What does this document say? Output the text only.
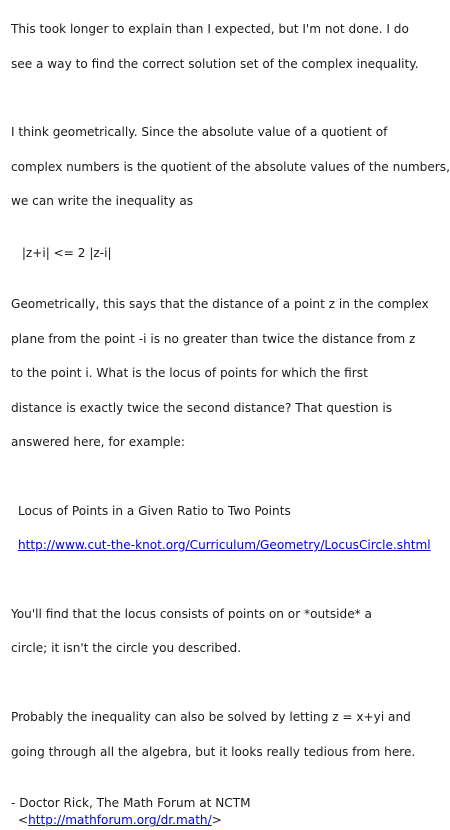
This took longer to explain than I expected, but I'm not done. I do

see a way to find the correct solution set of the complex inequality.

I think geometrically. Since the absolute value of a quotient of

complex numbers is the quotient of the absolute values of the numbers,

we can write the inequality as

|z+i| <= 2 |z-i|

Geometrically, this says that the distance of a point z in the complex

plane from the point -i is no greater than twice the distance from z

to the point i. What is the locus of points for which the first

distance is exactly twice the second distance? That question is

answered here, for example:

Locus of Points in a Given Ratio to Two Points

http://www.cut-the-knot.org/Curriculum/Geometry/LocusCircle.shtml

You'll find that the locus consists of points on or *outside* a

circle; it isn't the circle you described.

Probably the inequality can also be solved by letting z = x+yi and

going through all the algebra, but it looks really tedious from here.

- Doctor Rick, The Math Forum at NCTM
<http://mathforum.org/dr.math/>
